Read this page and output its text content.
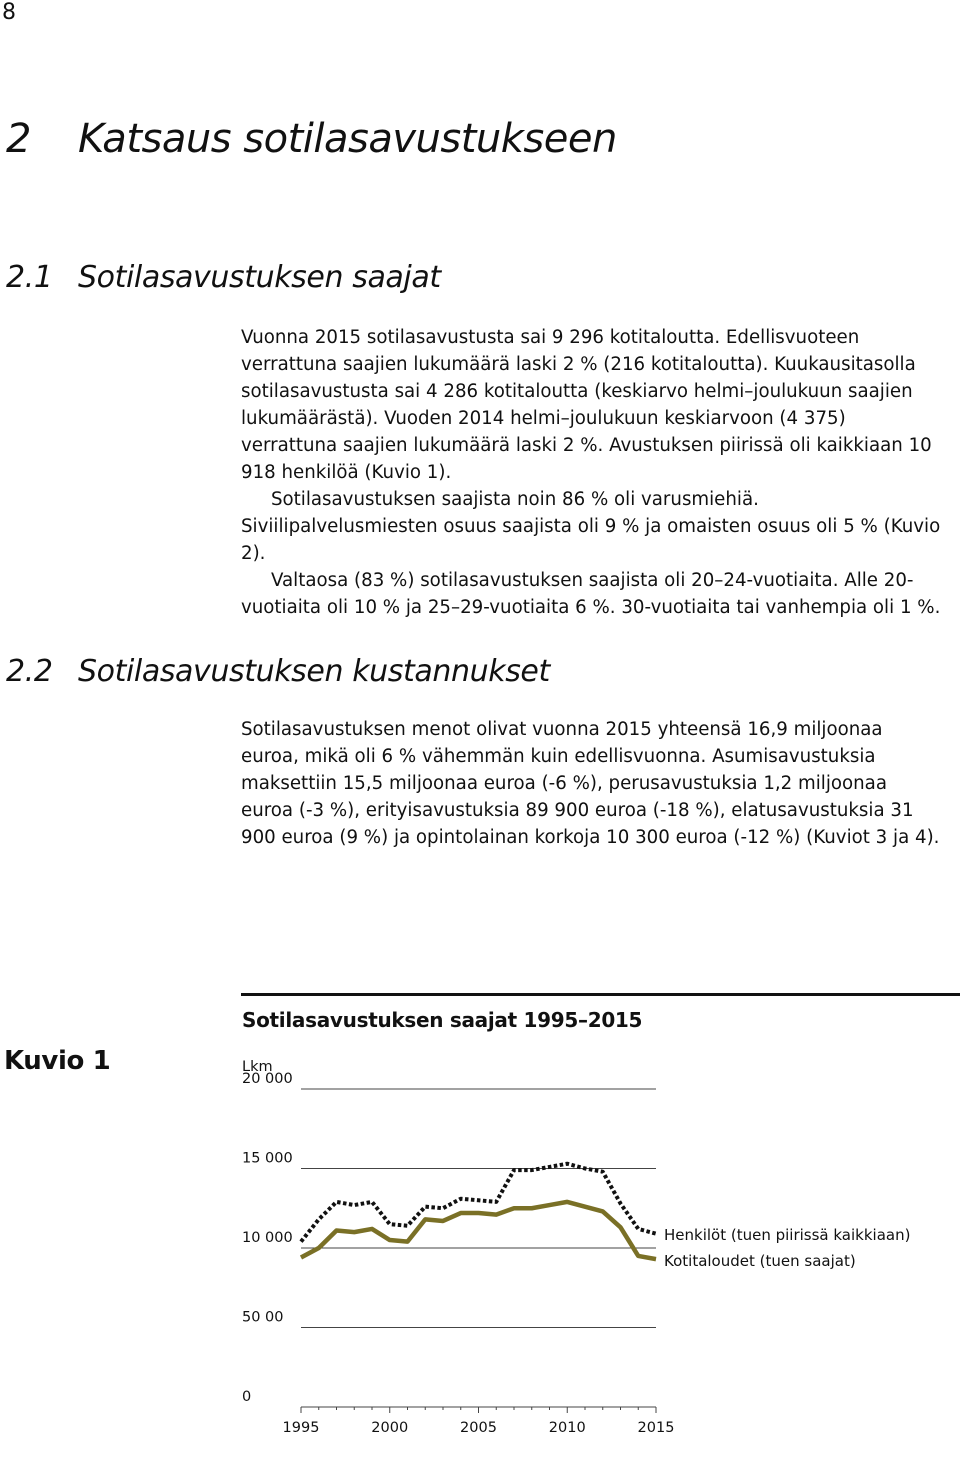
8
2 Katsaus sotilasavustukseen
2.1 Sotilasavustuksen saajat

Vuonna 2015 sotilasavustusta sai 9 296 kotitaloutta. Edellisvuoteen verrattuna saajien lukumäärä laski 2 % (216 kotitaloutta). Kuukausitasolla sotilasavustusta sai 4 286 kotitaloutta (keskiarvo helmi–joulukuun saajien lukumäärästä). Vuoden 2014 helmi–joulukuun keskiarvoon (4 375) verrattuna saajien lukumäärä laski 2 %. Avustuksen piirissä oli kaikkiaan 10 918 henkilöä (Kuvio 1).

Sotilasavustuksen saajista noin 86 % oli varusmiehiä. Siviilipalvelusmiesten osuus saajista oli 9 % ja omaisten osuus oli 5 % (Kuvio 2).

Valtaosa (83 %) sotilasavustuksen saajista oli 20–24-vuotiaita. Alle 20-vuotiaita oli 10 % ja 25–29-vuotiaita 6 %. 30-vuotiaita tai vanhempia oli 1 %.

2.2 Sotilasavustuksen kustannukset

Sotilasavustuksen menot olivat vuonna 2015 yhteensä 16,9 miljoonaa euroa, mikä oli 6 % vähemmän kuin edellisvuonna. Asumisavustuksia maksettiin 15,5 miljoonaa euroa (-6 %), perusavustuksia 1,2 miljoonaa euroa (-3 %), erityisavustuksia 89 900 euroa (-18 %), elatusavustuksia 31 900 euroa (9 %) ja opintolainan korkoja 10 300 euroa (-12 %) (Kuviot 3 ja 4).

Kuvio 1
Sotilasavustuksen saajat 1995–2015
Lkm
0
50 00
10 000
15 000
20 000
1995	2000	2005	2010	2015
Henkilöt (tuen piirissä kaikkiaan)
Kotitaloudet (tuen saajat)
